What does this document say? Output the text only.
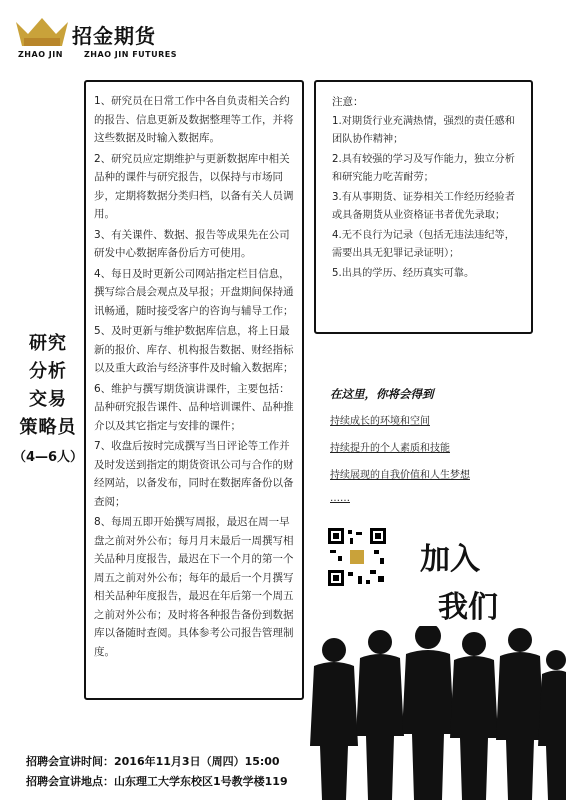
招金期货
ZHAO JIN	ZHAO JIN FUTURES
研究
分析
交易
策略员
（4—6人）

1、研究员在日常工作中各自负责相关合约的报告、信息更新及数据整理等工作，并将这些数据及时输入数据库。

2、研究员应定期维护与更新数据库中相关品种的课件与研究报告，以保持与市场同步，定期将数据分类归档，以备有关人员调用。

3、有关课件、数据、报告等成果先在公司研发中心数据库备份后方可使用。

4、每日及时更新公司网站指定栏目信息，撰写综合晨会观点及早报；开盘期间保持通讯畅通，随时接受客户的咨询与辅导工作；

5、及时更新与维护数据库信息，将上日最新的报价、库存、机构报告数据、财经指标以及重大政治与经济事件及时输入数据库；

6、维护与撰写期货演讲课件，主要包括：品种研究报告课件、品种培训课件、品种推介以及其它指定与安排的课件；

7、收盘后按时完成撰写当日评论等工作并及时发送到指定的期货资讯公司与合作的财经网站，以备发布，同时在数据库备份以备查阅；

8、每周五即开始撰写周报，最迟在周一早盘之前对外公布；每月月末最后一周撰写相关品种月度报告，最迟在下一个月的第一个周五之前对外公布；每年的最后一个月撰写相关品种年度报告，最迟在年后第一个周五之前对外公布；及时将各种报告备份到数据库以备随时查阅。具体参考公司报告管理制度。

注意：

1.对期货行业充满热情，强烈的责任感和团队协作精神；

2.具有较强的学习及写作能力，独立分析和研究能力吃苦耐劳；

3.有从事期货、证券相关工作经历经验者或具备期货从业资格证书者优先录取；

4.无不良行为记录（包括无违法违纪等，需要出具无犯罪记录证明）；

5.出具的学历、经历真实可靠。

在这里，你将会得到
持续成长的环境和空间
持续提升的个人素质和技能
持续展现的自我价值和人生梦想
……
加入
我们
招聘会宣讲时间：2016年11月3日（周四）15:00
招聘会宣讲地点：山东理工大学东校区1号教学楼119
